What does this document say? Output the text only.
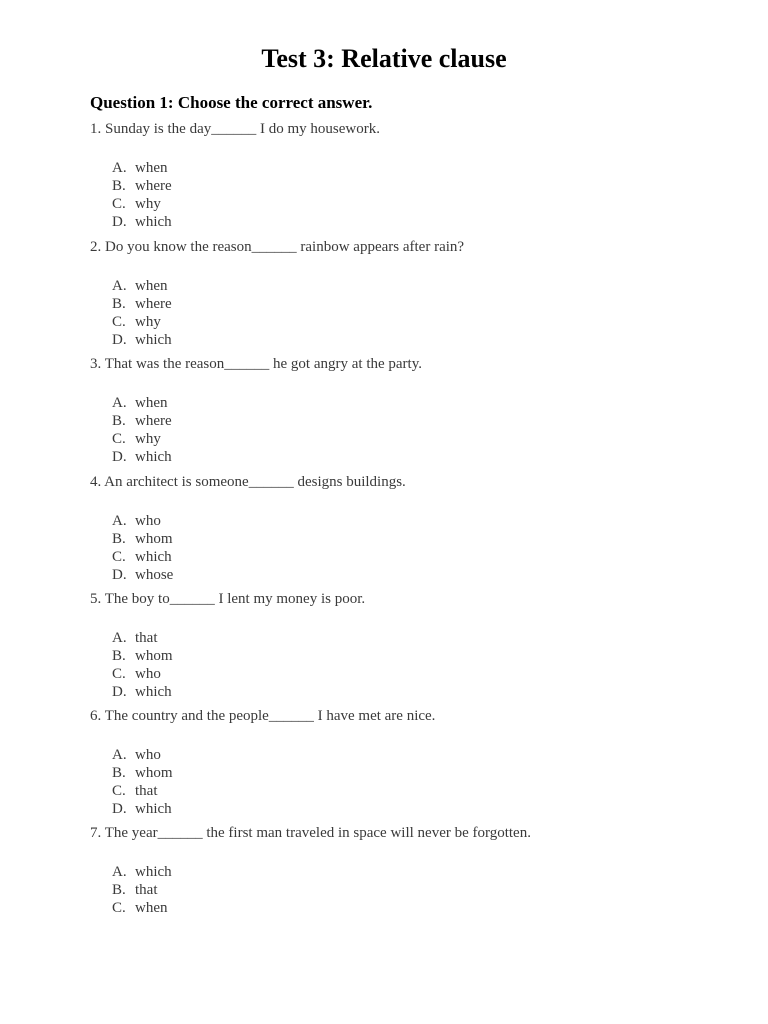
Test 3: Relative clause
Question 1: Choose the correct answer.
1. Sunday is the day______ I do my housework.
A. when
B. where
C. why
D. which
2. Do you know the reason______ rainbow appears after rain?
A. when
B. where
C. why
D. which
3. That was the reason______ he got angry at the party.
A. when
B. where
C. why
D. which
4. An architect is someone______ designs buildings.
A. who
B. whom
C. which
D. whose
5. The boy to______ I lent my money is poor.
A. that
B. whom
C. who
D. which
6. The country and the people______ I have met are nice.
A. who
B. whom
C. that
D. which
7. The year______ the first man traveled in space will never be forgotten.
A. which
B. that
C. when
